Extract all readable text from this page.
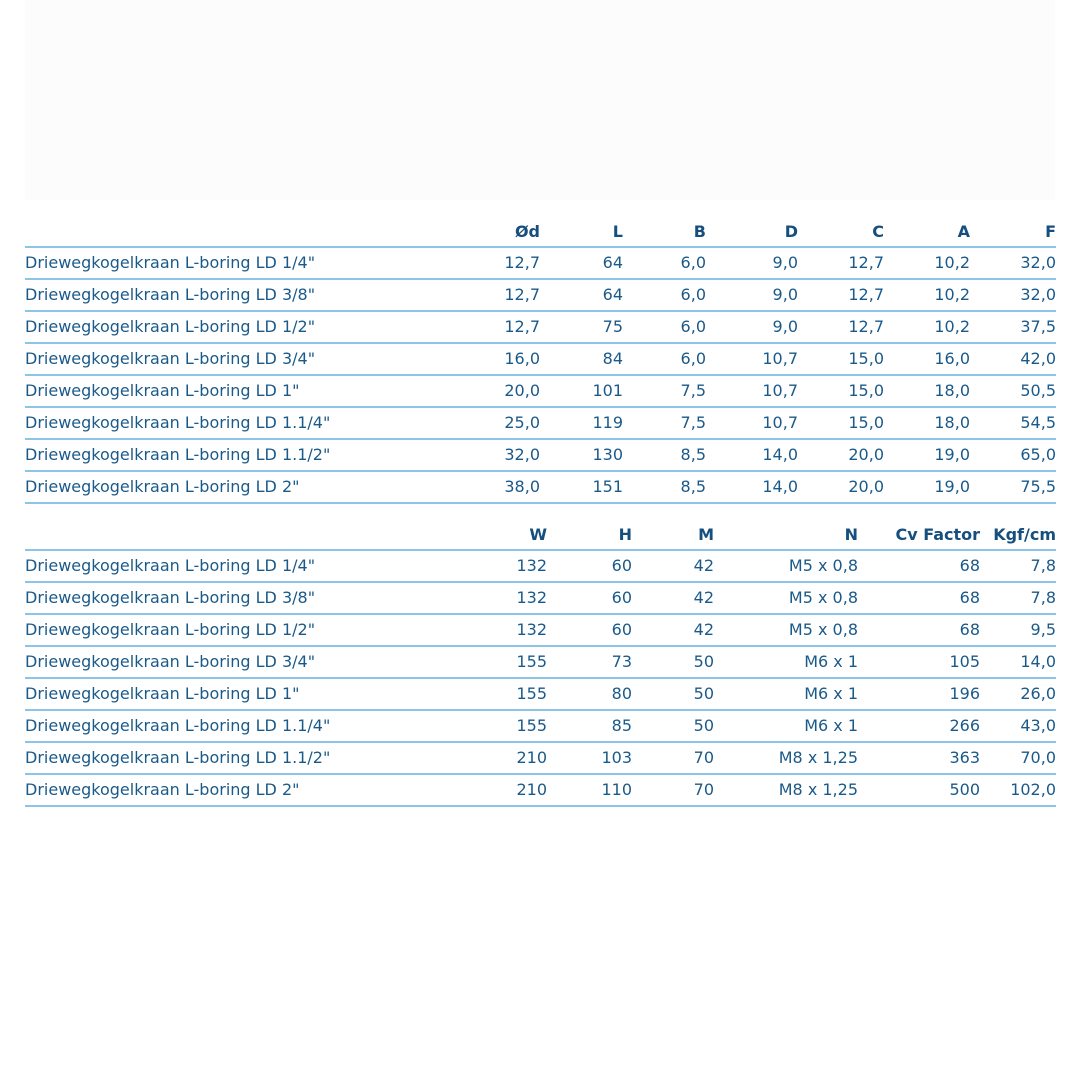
	Ød	L	B	D	C	A	F
Driewegkogelkraan L-boring LD 1/4"	12,7	64	6,0	9,0	12,7	10,2	32,0
Driewegkogelkraan L-boring LD 3/8"	12,7	64	6,0	9,0	12,7	10,2	32,0
Driewegkogelkraan L-boring LD 1/2"	12,7	75	6,0	9,0	12,7	10,2	37,5
Driewegkogelkraan L-boring LD 3/4"	16,0	84	6,0	10,7	15,0	16,0	42,0
Driewegkogelkraan L-boring LD 1"	20,0	101	7,5	10,7	15,0	18,0	50,5
Driewegkogelkraan L-boring LD 1.1/4"	25,0	119	7,5	10,7	15,0	18,0	54,5
Driewegkogelkraan L-boring LD 1.1/2"	32,0	130	8,5	14,0	20,0	19,0	65,0
Driewegkogelkraan L-boring LD 2"	38,0	151	8,5	14,0	20,0	19,0	75,5
	W	H	M	N	Cv Factor	Kgf/cm
Driewegkogelkraan L-boring LD 1/4"	132	60	42	M5 x 0,8	68	7,8
Driewegkogelkraan L-boring LD 3/8"	132	60	42	M5 x 0,8	68	7,8
Driewegkogelkraan L-boring LD 1/2"	132	60	42	M5 x 0,8	68	9,5
Driewegkogelkraan L-boring LD 3/4"	155	73	50	M6 x 1	105	14,0
Driewegkogelkraan L-boring LD 1"	155	80	50	M6 x 1	196	26,0
Driewegkogelkraan L-boring LD 1.1/4"	155	85	50	M6 x 1	266	43,0
Driewegkogelkraan L-boring LD 1.1/2"	210	103	70	M8 x 1,25	363	70,0
Driewegkogelkraan L-boring LD 2"	210	110	70	M8 x 1,25	500	102,0
